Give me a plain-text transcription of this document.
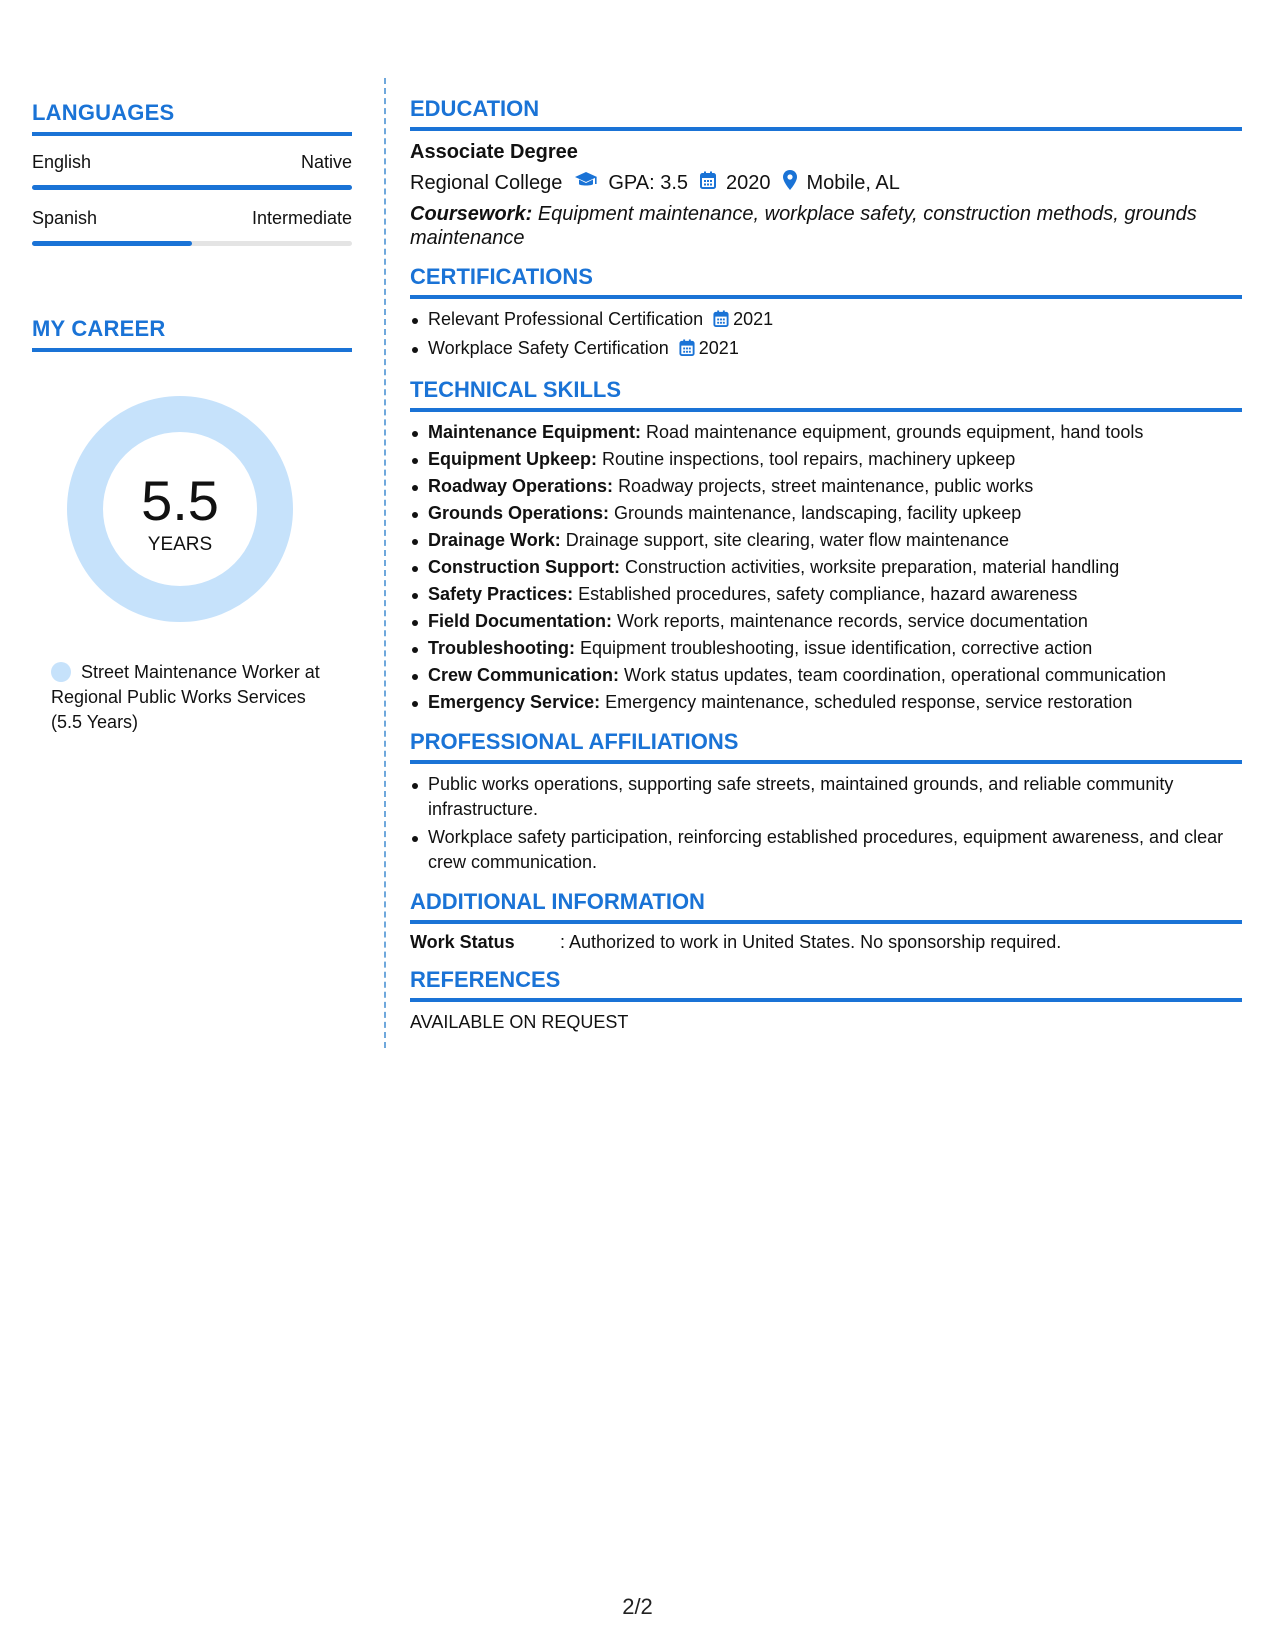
LANGUAGES
English	Native
Spanish	Intermediate
MY CAREER
5.5
YEARS
Street Maintenance Worker at Regional Public Works Services (5.5 Years)
EDUCATION
Associate Degree
Regional College GPA: 3.5 2020 Mobile, AL
Coursework: Equipment maintenance, workplace safety, construction methods, grounds maintenance
CERTIFICATIONS
Relevant Professional Certification 2021
Workplace Safety Certification 2021
TECHNICAL SKILLS
Maintenance Equipment: Road maintenance equipment, grounds equipment, hand tools
Equipment Upkeep: Routine inspections, tool repairs, machinery upkeep
Roadway Operations: Roadway projects, street maintenance, public works
Grounds Operations: Grounds maintenance, landscaping, facility upkeep
Drainage Work: Drainage support, site clearing, water flow maintenance
Construction Support: Construction activities, worksite preparation, material handling
Safety Practices: Established procedures, safety compliance, hazard awareness
Field Documentation: Work reports, maintenance records, service documentation
Troubleshooting: Equipment troubleshooting, issue identification, corrective action
Crew Communication: Work status updates, team coordination, operational communication
Emergency Service: Emergency maintenance, scheduled response, service restoration
PROFESSIONAL AFFILIATIONS
Public works operations, supporting safe streets, maintained grounds, and reliable community infrastructure.
Workplace safety participation, reinforcing established procedures, equipment awareness, and clear crew communication.
ADDITIONAL INFORMATION
Work Status	: Authorized to work in United States. No sponsorship required.
REFERENCES
AVAILABLE ON REQUEST
2/2
